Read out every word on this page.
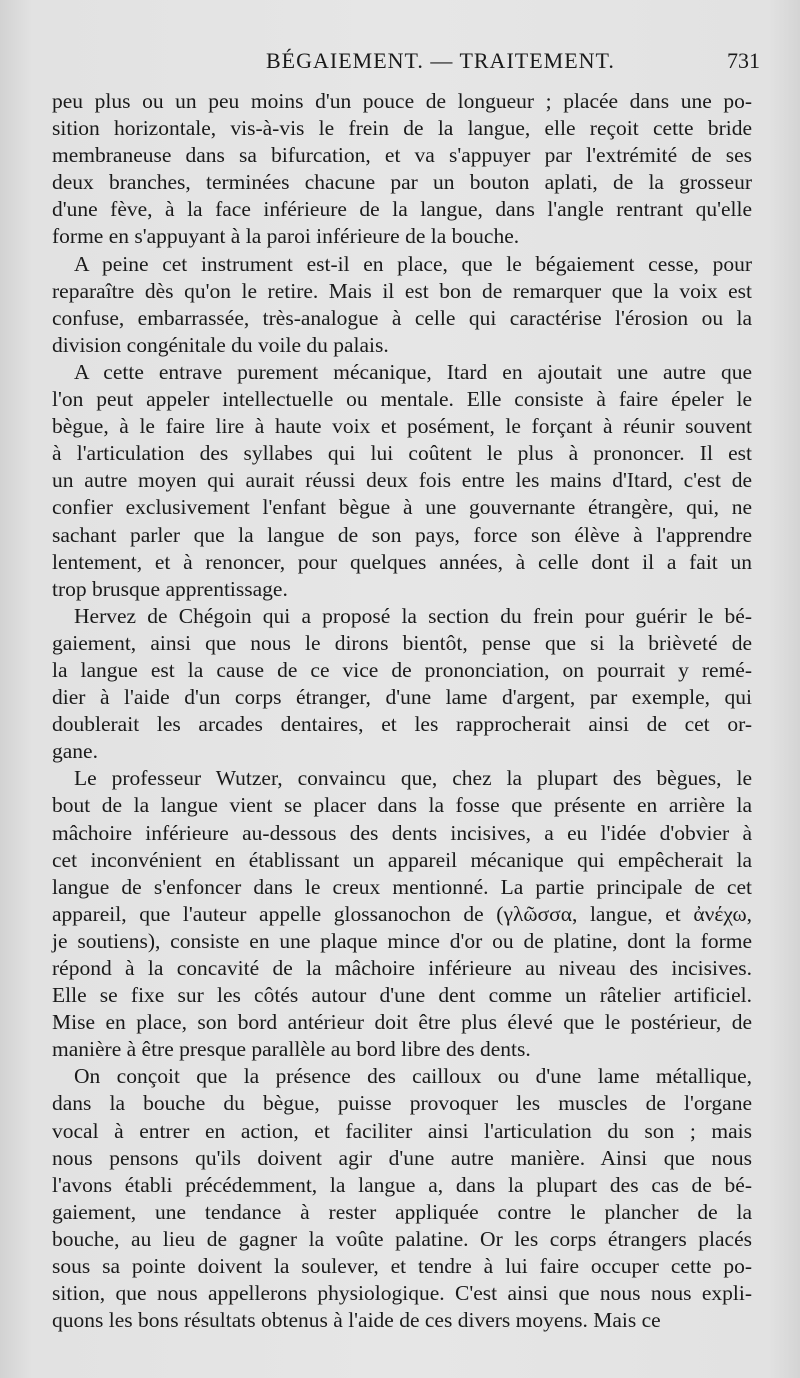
BÉGAIEMENT. — TRAITEMENT.	731
peu plus ou un peu moins d'un pouce de longueur ; placée dans une po-
sition horizontale, vis-à-vis le frein de la langue, elle reçoit cette bride
membraneuse dans sa bifurcation, et va s'appuyer par l'extrémité de ses
deux branches, terminées chacune par un bouton aplati, de la grosseur
d'une fève, à la face inférieure de la langue, dans l'angle rentrant qu'elle
forme en s'appuyant à la paroi inférieure de la bouche.
A peine cet instrument est-il en place, que le bégaiement cesse, pour
reparaître dès qu'on le retire. Mais il est bon de remarquer que la voix est
confuse, embarrassée, très-analogue à celle qui caractérise l'érosion ou la
division congénitale du voile du palais.
A cette entrave purement mécanique, Itard en ajoutait une autre que
l'on peut appeler intellectuelle ou mentale. Elle consiste à faire épeler le
bègue, à le faire lire à haute voix et posément, le forçant à réunir souvent
à l'articulation des syllabes qui lui coûtent le plus à prononcer. Il est
un autre moyen qui aurait réussi deux fois entre les mains d'Itard, c'est de
confier exclusivement l'enfant bègue à une gouvernante étrangère, qui, ne
sachant parler que la langue de son pays, force son élève à l'apprendre
lentement, et à renoncer, pour quelques années, à celle dont il a fait un
trop brusque apprentissage.
Hervez de Chégoin qui a proposé la section du frein pour guérir le bé-
gaiement, ainsi que nous le dirons bientôt, pense que si la brièveté de
la langue est la cause de ce vice de prononciation, on pourrait y remé-
dier à l'aide d'un corps étranger, d'une lame d'argent, par exemple, qui
doublerait les arcades dentaires, et les rapprocherait ainsi de cet or-
gane.
Le professeur Wutzer, convaincu que, chez la plupart des bègues, le
bout de la langue vient se placer dans la fosse que présente en arrière la
mâchoire inférieure au-dessous des dents incisives, a eu l'idée d'obvier à
cet inconvénient en établissant un appareil mécanique qui empêcherait la
langue de s'enfoncer dans le creux mentionné. La partie principale de cet
appareil, que l'auteur appelle glossanochon de (γλῶσσα, langue, et ἀνέχω,
je soutiens), consiste en une plaque mince d'or ou de platine, dont la forme
répond à la concavité de la mâchoire inférieure au niveau des incisives.
Elle se fixe sur les côtés autour d'une dent comme un râtelier artificiel.
Mise en place, son bord antérieur doit être plus élevé que le postérieur, de
manière à être presque parallèle au bord libre des dents.
On conçoit que la présence des cailloux ou d'une lame métallique,
dans la bouche du bègue, puisse provoquer les muscles de l'organe
vocal à entrer en action, et faciliter ainsi l'articulation du son ; mais
nous pensons qu'ils doivent agir d'une autre manière. Ainsi que nous
l'avons établi précédemment, la langue a, dans la plupart des cas de bé-
gaiement, une tendance à rester appliquée contre le plancher de la
bouche, au lieu de gagner la voûte palatine. Or les corps étrangers placés
sous sa pointe doivent la soulever, et tendre à lui faire occuper cette po-
sition, que nous appellerons physiologique. C'est ainsi que nous nous expli-
quons les bons résultats obtenus à l'aide de ces divers moyens. Mais ce
